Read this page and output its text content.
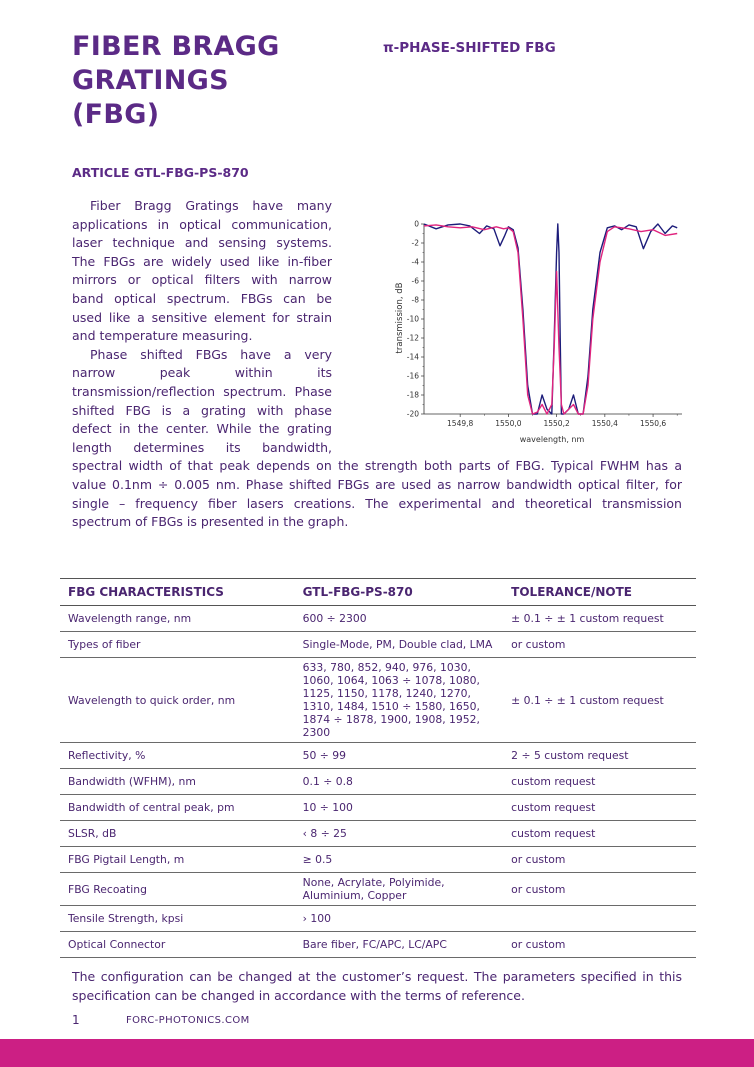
FIBER BRAGG
GRATINGS
(FBG)
π-PHASE-SHIFTED FBG
ARTICLE GTL-FBG-PS-870

Fiber Bragg Gratings have many applications in optical communication, laser technique and sensing systems. The FBGs are widely used like in-fiber mirrors or optical filters with narrow band optical spectrum. FBGs can be used like a sensitive element for strain and temperature measuring.

Phase shifted FBGs have a very narrow peak within its transmission/reflection spectrum. Phase shifted FBG is a grating with phase defect in the center. While the grating length determines its bandwidth, spectral width of that peak depends on the strength both parts of FBG. Typical FWHM has a value 0.1nm ÷ 0.005 nm. Phase shifted FBGs are used as narrow bandwidth optical filter, for single – frequency fiber lasers creations. The experimental and theoretical transmission spectrum of FBGs is presented in the graph.

0
-2
-4
-6
-8
-10
-12
-14
-16
-18
-20
1549,8	1550,0	1550,2	1550,4	1550,6
transmission, dB
wavelength, nm
FBG CHARACTERISTICS	GTL-FBG-PS-870	TOLERANCE/NOTE
Wavelength range, nm	600 ÷ 2300	± 0.1 ÷ ± 1 custom request
Types of fiber	Single-Mode, PM, Double clad, LMA	or custom
Wavelength to quick order, nm	633, 780, 852, 940, 976, 1030, 1060, 1064, 1063 ÷ 1078, 1080, 1125, 1150, 1178, 1240, 1270, 1310, 1484, 1510 ÷ 1580, 1650, 1874 ÷ 1878, 1900, 1908, 1952, 2300	± 0.1 ÷ ± 1 custom request
Reflectivity, %	50 ÷ 99	2 ÷ 5 custom request
Bandwidth (WFHM), nm	0.1 ÷ 0.8	custom request
Bandwidth of central peak, pm	10 ÷ 100	custom request
SLSR, dB	‹ 8 ÷ 25	custom request
FBG Pigtail Length, m	≥ 0.5	or custom
FBG Recoating	None, Acrylate, Polyimide, Aluminium, Copper	or custom
Tensile Strength, kpsi	› 100	
Optical Connector	Bare fiber, FC/APC, LC/APC	or custom

The configuration can be changed at the customer’s request. The parameters specified in this specification can be changed in accordance with the terms of reference.

1	FORC-PHOTONICS.COM
